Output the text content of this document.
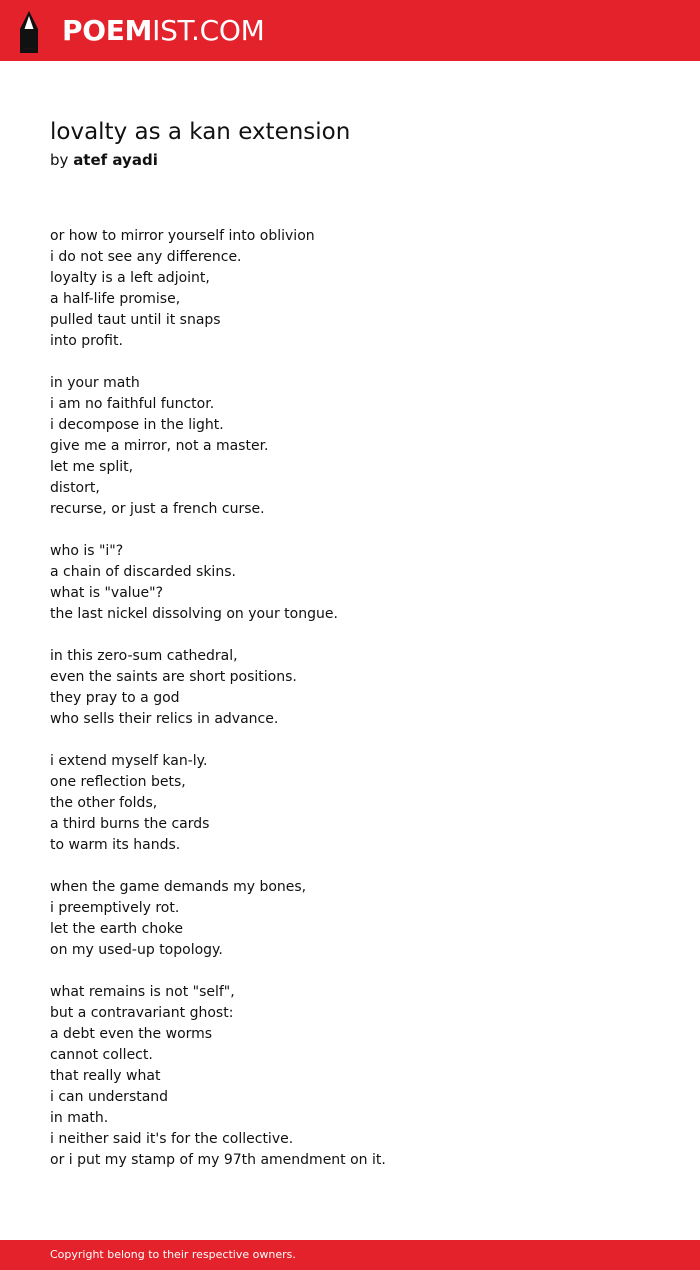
POEMIST.COM
lovalty as a kan extension
by atef ayadi
or how to mirror yourself into oblivion
i do not see any difference.
loyalty is a left adjoint,
a half-life promise,
pulled taut until it snaps
into profit.
in your math
i am no faithful functor.
i decompose in the light.
give me a mirror, not a master.
let me split,
distort,
recurse, or just a french curse.
who is "i"?
a chain of discarded skins.
what is "value"?
the last nickel dissolving on your tongue.
in this zero-sum cathedral,
even the saints are short positions.
they pray to a god
who sells their relics in advance.
i extend myself kan-ly.
one reflection bets,
the other folds,
a third burns the cards
to warm its hands.
when the game demands my bones,
i preemptively rot.
let the earth choke
on my used-up topology.
what remains is not "self",
but a contravariant ghost:
a debt even the worms
cannot collect.
that really what
i can understand
in math.
i neither said it's for the collective.
or i put my stamp of my 97th amendment on it.
Copyright belong to their respective owners.
